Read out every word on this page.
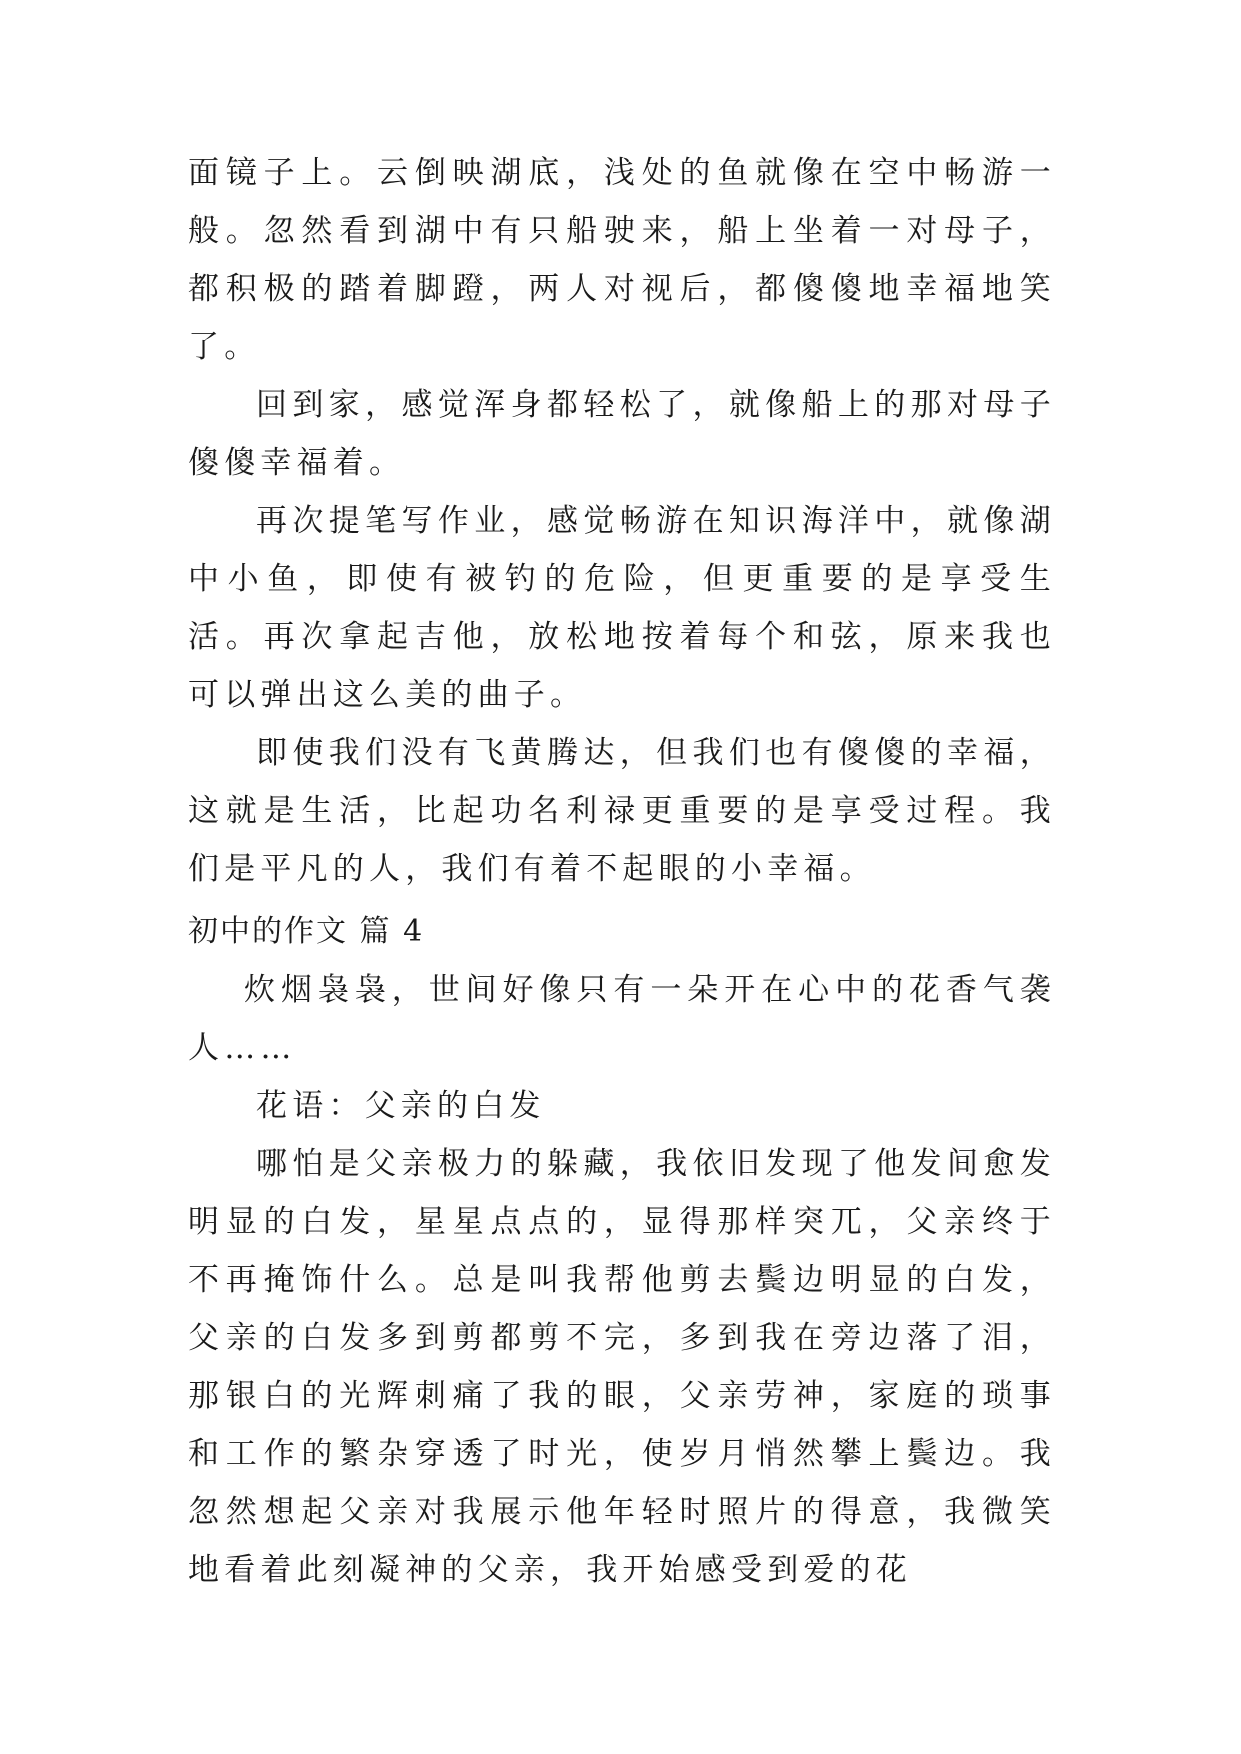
面镜子上。云倒映湖底，浅处的鱼就像在空中畅游一般。忽然看到湖中有只船驶来，船上坐着一对母子，都积极的踏着脚蹬，两人对视后，都傻傻地幸福地笑了。

回到家，感觉浑身都轻松了，就像船上的那对母子傻傻幸福着。

再次提笔写作业，感觉畅游在知识海洋中，就像湖中小鱼，即使有被钓的危险，但更重要的是享受生活。再次拿起吉他，放松地按着每个和弦，原来我也可以弹出这么美的曲子。

即使我们没有飞黄腾达，但我们也有傻傻的幸福，这就是生活，比起功名利禄更重要的是享受过程。我们是平凡的人，我们有着不起眼的小幸福。

初中的作文 篇 4

炊烟袅袅，世间好像只有一朵开在心中的花香气袭人……

花语：父亲的白发

哪怕是父亲极力的躲藏，我依旧发现了他发间愈发明显的白发，星星点点的，显得那样突兀，父亲终于不再掩饰什么。总是叫我帮他剪去鬓边明显的白发，父亲的白发多到剪都剪不完，多到我在旁边落了泪，那银白的光辉刺痛了我的眼，父亲劳神，家庭的琐事和工作的繁杂穿透了时光，使岁月悄然攀上鬓边。我忽然想起父亲对我展示他年轻时照片的得意，我微笑地看着此刻凝神的父亲，我开始感受到爱的花
